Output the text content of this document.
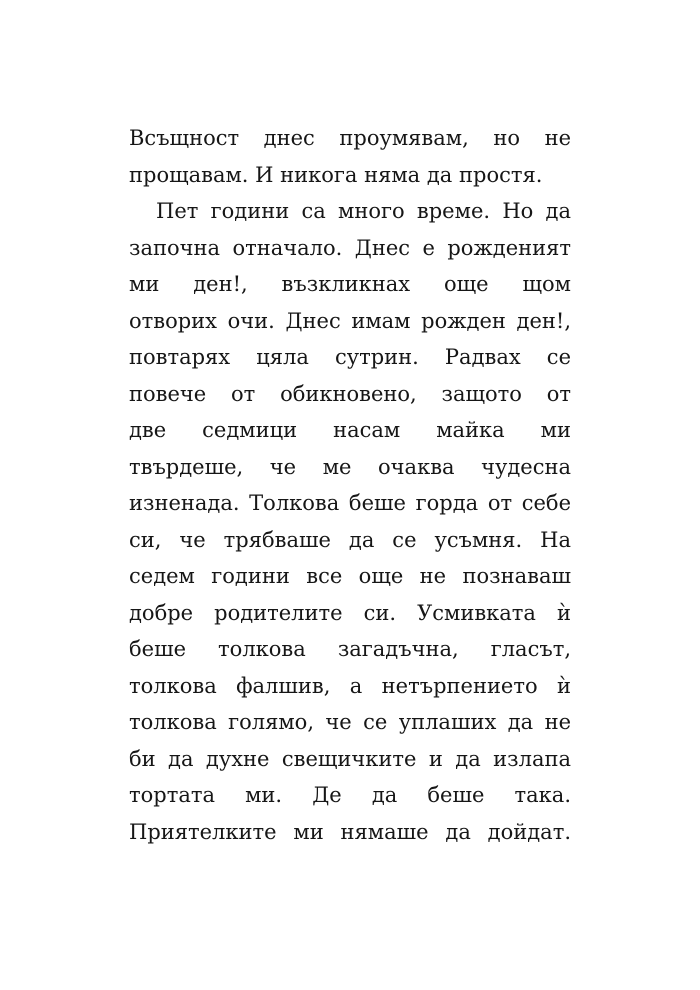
Всъщност днес проумявам, но не
прощавам. И никога няма да простя.
Пет години са много време. Но да
започна отначало. Днес е рожденият
ми ден!, възкликнах още щом
отворих очи. Днес имам рожден ден!,
повтарях цяла сутрин. Радвах се
повече от обикновено, защото от
две седмици насам майка ми
твърдеше, че ме очаква чудесна
изненада. Толкова беше горда от себе
си, че трябваше да се усъмня. На
седем години все още не познаваш
добре родителите си. Усмивката ѝ
беше толкова загадъчна, гласът,
толкова фалшив, а нетърпението ѝ
толкова голямо, че се уплаших да не
би да духне свещичките и да излапа
тортата ми. Де да беше така.
Приятелките ми нямаше да дойдат.
